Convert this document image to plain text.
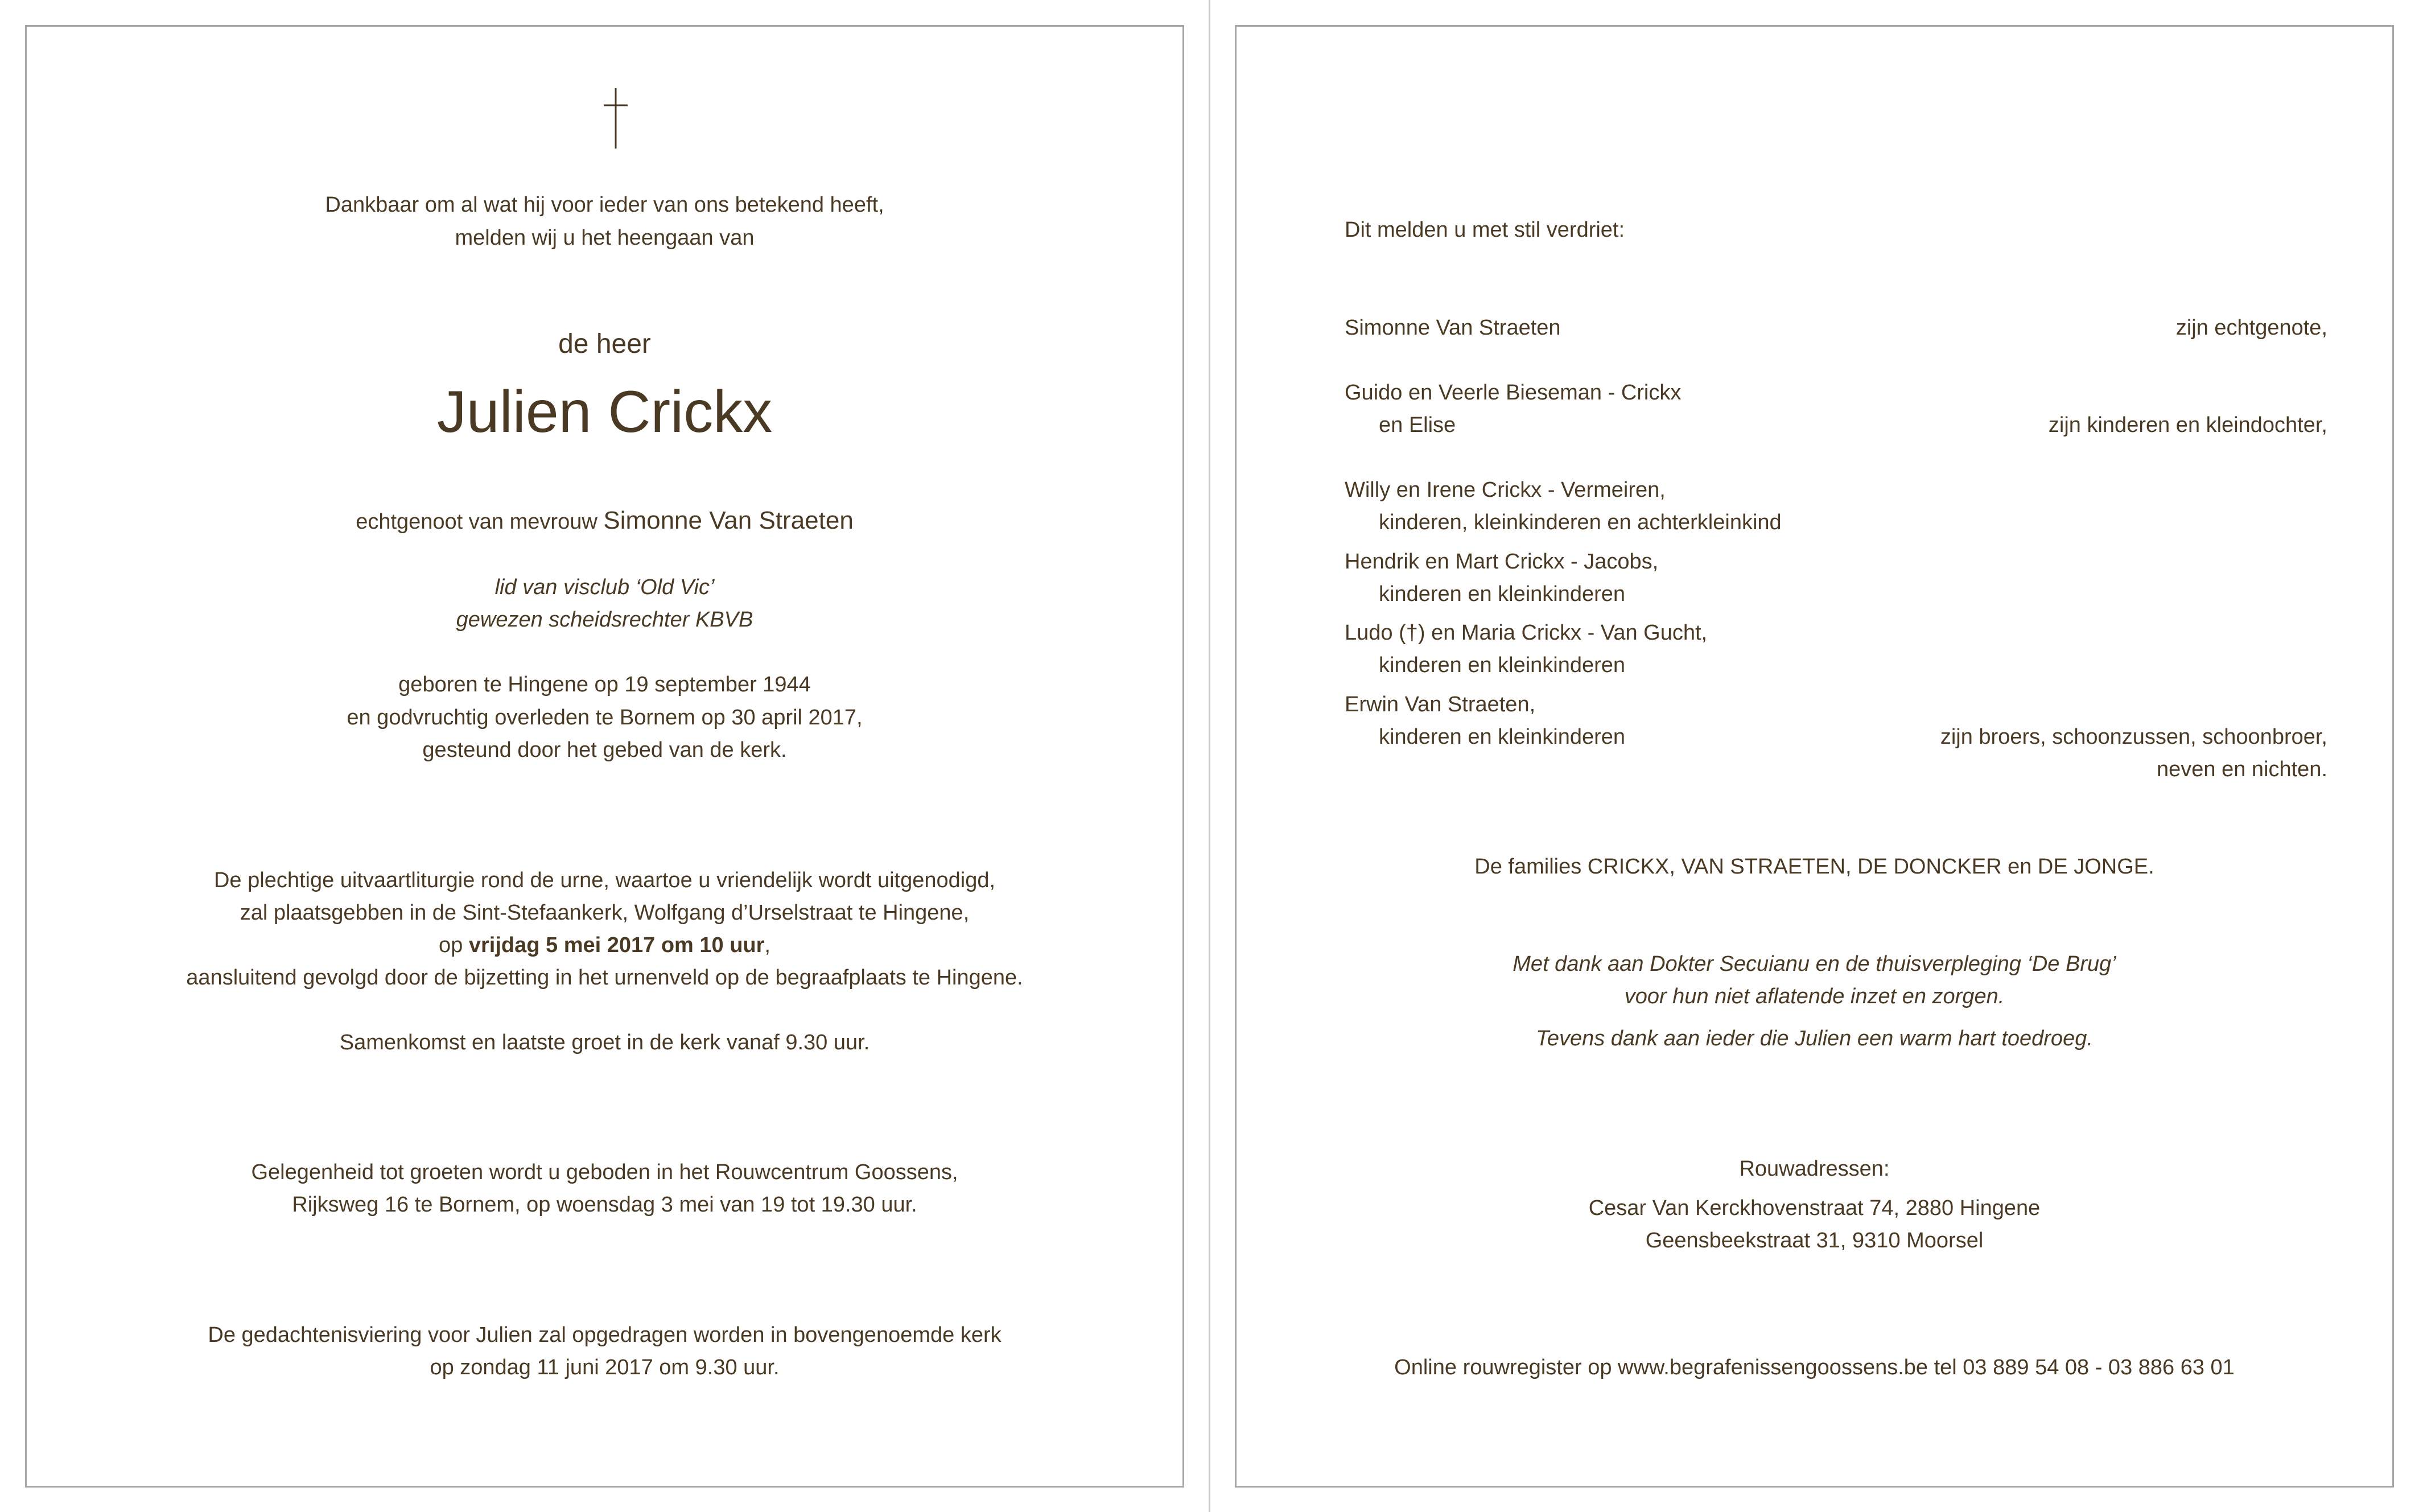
Dankbaar om al wat hij voor ieder van ons betekend heeft,
melden wij u het heengaan van
de heer
Julien Crickx
echtgenoot van mevrouw Simonne Van Straeten
lid van visclub ‘Old Vic’
gewezen scheidsrechter KBVB
geboren te Hingene op 19 september 1944
en godvruchtig overleden te Bornem op 30 april 2017,
gesteund door het gebed van de kerk.
De plechtige uitvaartliturgie rond de urne, waartoe u vriendelijk wordt uitgenodigd,
zal plaatsgebben in de Sint-Stefaankerk, Wolfgang d’Urselstraat te Hingene,
op vrijdag 5 mei 2017 om 10 uur,
aansluitend gevolgd door de bijzetting in het urnenveld op de begraafplaats te Hingene.
Samenkomst en laatste groet in de kerk vanaf 9.30 uur.
Gelegenheid tot groeten wordt u geboden in het Rouwcentrum Goossens,
Rijksweg 16 te Bornem, op woensdag 3 mei van 19 tot 19.30 uur.
De gedachtenisviering voor Julien zal opgedragen worden in bovengenoemde kerk
op zondag 11 juni 2017 om 9.30 uur.
Dit melden u met stil verdriet:
Simonne Van Straeten	zijn echtgenote,
Guido en Veerle Bieseman - Crickx
en Elise	zijn kinderen en kleindochter,
Willy en Irene Crickx - Vermeiren,
kinderen, kleinkinderen en achterkleinkind
Hendrik en Mart Crickx - Jacobs,
kinderen en kleinkinderen
Ludo (†) en Maria Crickx - Van Gucht,
kinderen en kleinkinderen
Erwin Van Straeten,
kinderen en kleinkinderen	zijn broers, schoonzussen, schoonbroer,
neven en nichten.
De families CRICKX, VAN STRAETEN, DE DONCKER en DE JONGE.
Met dank aan Dokter Secuianu en de thuisverpleging ‘De Brug’
voor hun niet aflatende inzet en zorgen.
Tevens dank aan ieder die Julien een warm hart toedroeg.
Rouwadressen:
Cesar Van Kerckhovenstraat 74, 2880 Hingene
Geensbeekstraat 31, 9310 Moorsel
Online rouwregister op www.begrafenissengoossens.be tel 03 889 54 08 - 03 886 63 01
